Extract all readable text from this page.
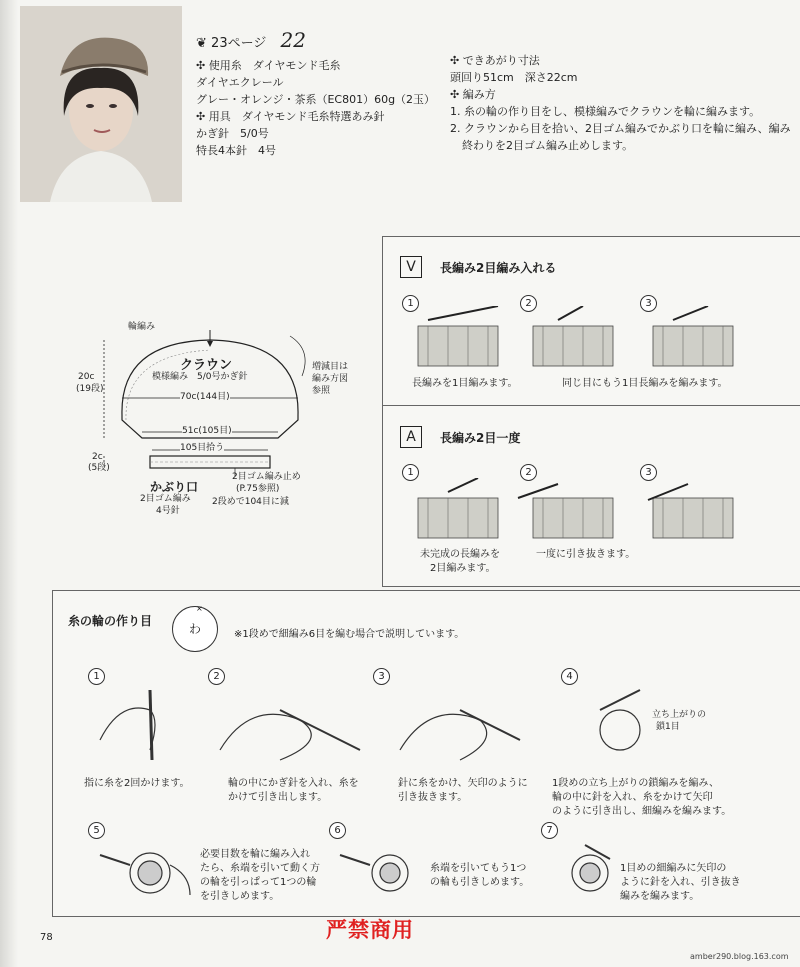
❦ 23ページ 22
✣ 使用糸　 ダイヤモンド毛糸
ダイヤエクレール
グレー・オレンジ・茶系（EC801）60g（2玉）
✣ 用具　 ダイヤモンド毛糸特選あみ針
かぎ針　5/0号
特長4本針　4号
✣ できあがり寸法
頭回り51cm　深さ22cm
✣ 編み方
1. 糸の輪の作り目をし、模様編みでクラウンを輪に編みます。
2. クラウンから目を拾い、2目ゴム編みでかぶり口を輪に編み、編み
終わりを2目ゴム編み止めします。
輪編み
クラウン
模様編み　5/0号かぎ針
20c
(19段)
70c(144目)
51c(105目)
105目拾う
増減目は
編み方図
参照
2c
(5段)
かぶり口
2目ゴム編み
4号針
2目ゴム編み止め
(P.75参照)
2段めで104目に減
V	長編み2目編み入れる
1	2	3
長編みを1目編みます。	同じ目にもう1目長編みを編みます。
A	長編み2目一度
1	2	3
未完成の長編みを
2目編みます。
一度に引き抜きます。
糸の輪の作り目
わ
×
※1段めで細編み6目を編む場合で説明しています。
1	2	3	4
5	6	7
指に糸を2回かけます。	輪の中にかぎ針を入れ、糸を
かけて引き出します。
針に糸をかけ、矢印のように
引き抜きます。
立ち上がりの
鎖1目
1段めの立ち上がりの鎖編みを編み、
輪の中に針を入れ、糸をかけて矢印
のように引き出し、細編みを編みます。
必要目数を輪に編み入れ
たら、糸端を引いて動く方
の輪を引っぱって1つの輪
を引きしめます。
糸端を引いてもう1つ
の輪も引きしめます。
1目めの細編みに矢印の
ように針を入れ、引き抜き
編みを編みます。
78	严禁商用
amber290.blog.163.com
